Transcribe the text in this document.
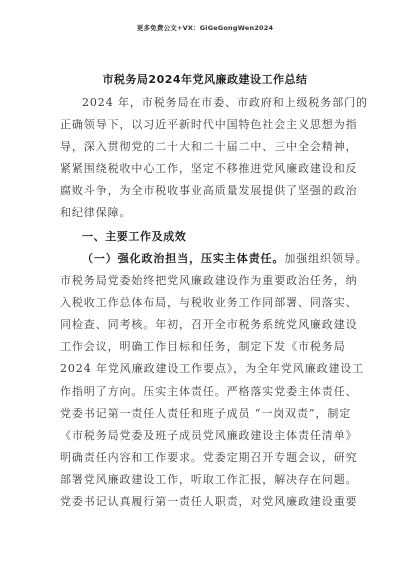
更多免费公文+VX：GiGeGongWen2024
市税务局2024年党风廉政建设工作总结
2024 年，市税务局在市委、市政府和上级税务部门的
正确领导下，以习近平新时代中国特色社会主义思想为指
导，深入贯彻党的二十大和二十届二中、三中全会精神，
紧紧围绕税收中心工作，坚定不移推进党风廉政建设和反
腐败斗争，为全市税收事业高质量发展提供了坚强的政治
和纪律保障。
一、主要工作及成效
（一）强化政治担当，压实主体责任。加强组织领导。
市税务局党委始终把党风廉政建设作为重要政治任务，纳
入税收工作总体布局，与税收业务工作同部署、同落实、
同检查、同考核。年初，召开全市税务系统党风廉政建设
工作会议，明确工作目标和任务，制定下发《市税务局
2024 年党风廉政建设工作要点》，为全年党风廉政建设工
作指明了方向。压实主体责任。严格落实党委主体责任、
党委书记第一责任人责任和班子成员 “一岗双责”，制定
《市税务局党委及班子成员党风廉政建设主体责任清单》
明确责任内容和工作要求。党委定期召开专题会议，研究
部署党风廉政建设工作，听取工作汇报，解决存在问题。
党委书记认真履行第一责任人职责，对党风廉政建设重要
